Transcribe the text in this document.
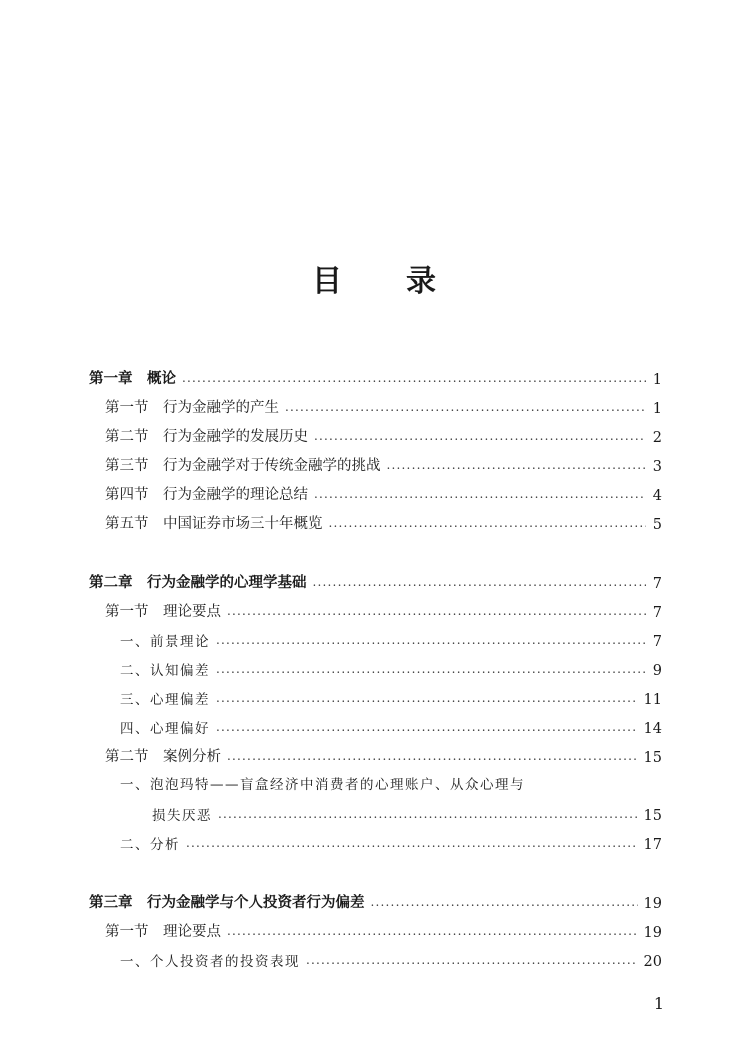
目 录
第一章　概论 .....	1
第一节　行为金融学的产生 .....	1
第二节　行为金融学的发展历史 .....	2
第三节　行为金融学对于传统金融学的挑战 .....	3
第四节　行为金融学的理论总结 .....	4
第五节　中国证券市场三十年概览 .....	5
第二章　行为金融学的心理学基础 .....	7
第一节　理论要点 .....	7
一、前景理论 .....	7
二、认知偏差 .....	9
三、心理偏差 .....	11
四、心理偏好 .....	14
第二节　案例分析 .....	15
一、泡泡玛特——盲盒经济中消费者的心理账户、从众心理与
损失厌恶 .....	15
二、分析 .....	17
第三章　行为金融学与个人投资者行为偏差 .....	19
第一节　理论要点 .....	19
一、个人投资者的投资表现 .....	20
1
